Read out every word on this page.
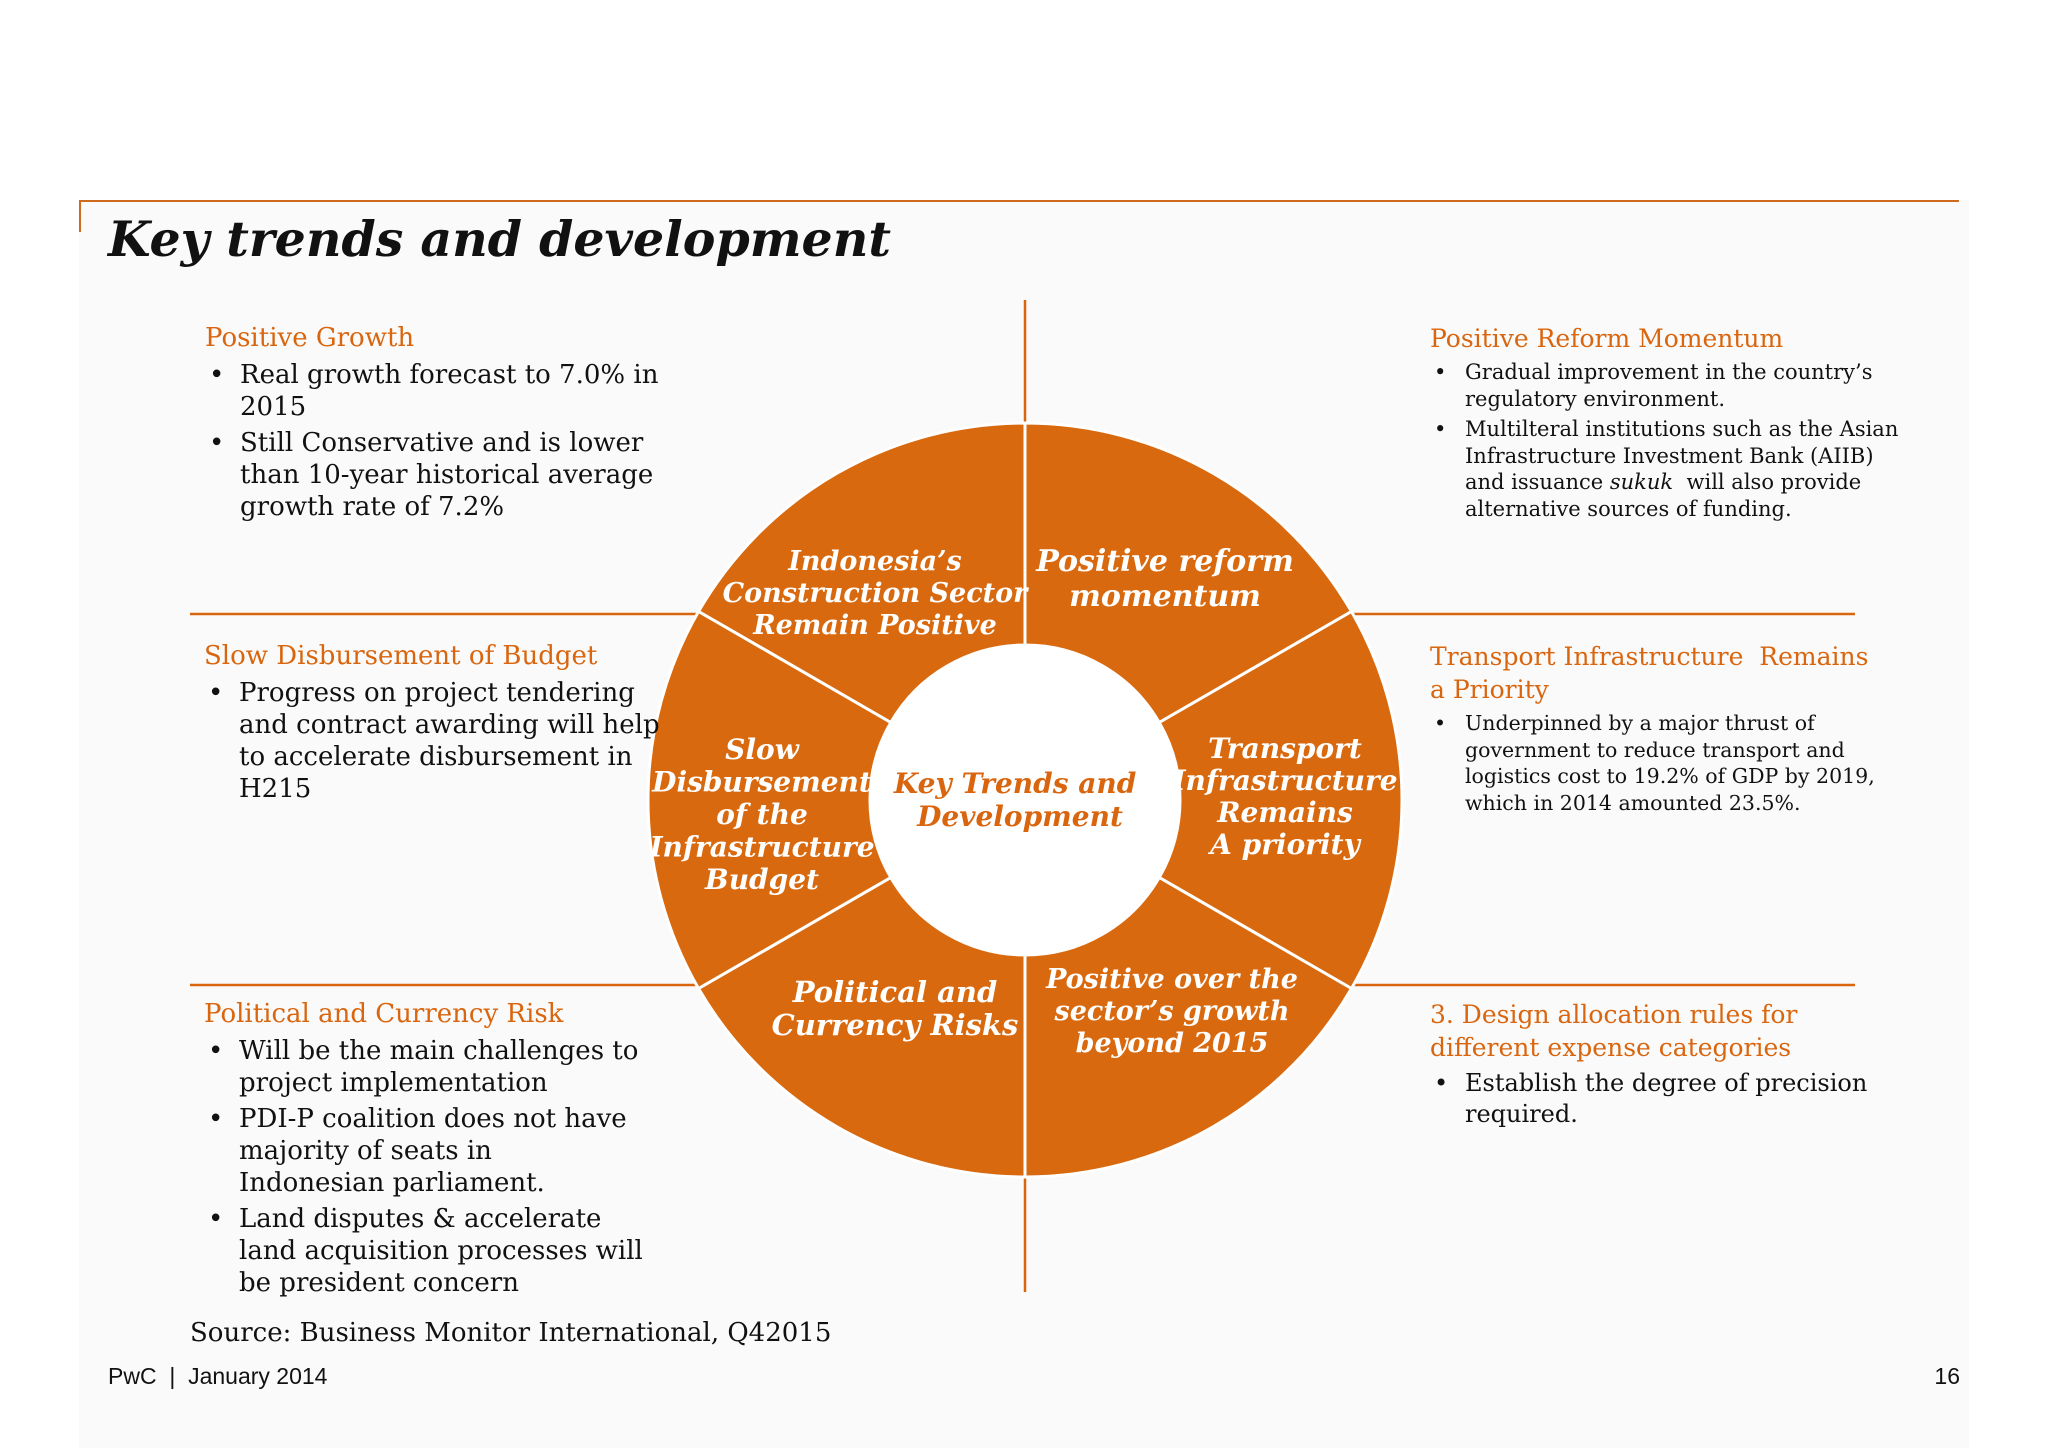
Key trends and development
Indonesia’s Construction Sector Remain Positive
Positive reform momentum
Transport Infrastructure Remains A priority
Positive over the sector’s growth beyond 2015
Political and Currency Risks
Slow Disbursement of the Infrastructure Budget
Key Trends and Development
Positive Growth
• Real growth forecast to 7.0% in 2015
• Still Conservative and is lower than 10-year historical average growth rate of 7.2%
Slow Disbursement of Budget
• Progress on project tendering and contract awarding will help to accelerate disbursement in H215
Political and Currency Risk
• Will be the main challenges to project implementation
• PDI-P coalition does not have majority of seats in Indonesian parliament.
• Land disputes & accelerate land acquisition processes will be president concern
Positive Reform Momentum
• Gradual improvement in the country’s regulatory environment.
• Multilteral institutions such as the Asian Infrastructure Investment Bank (AIIB) and issuance sukuk  will also provide alternative sources of funding.
Transport Infrastructure  Remains a Priority
• Underpinned by a major thrust of government to reduce transport and logistics cost to 19.2% of GDP by 2019, which in 2014 amounted 23.5%.
3. Design allocation rules for different expense categories
• Establish the degree of precision required.
Source: Business Monitor International, Q42015
PwC  |  January 2014	16
